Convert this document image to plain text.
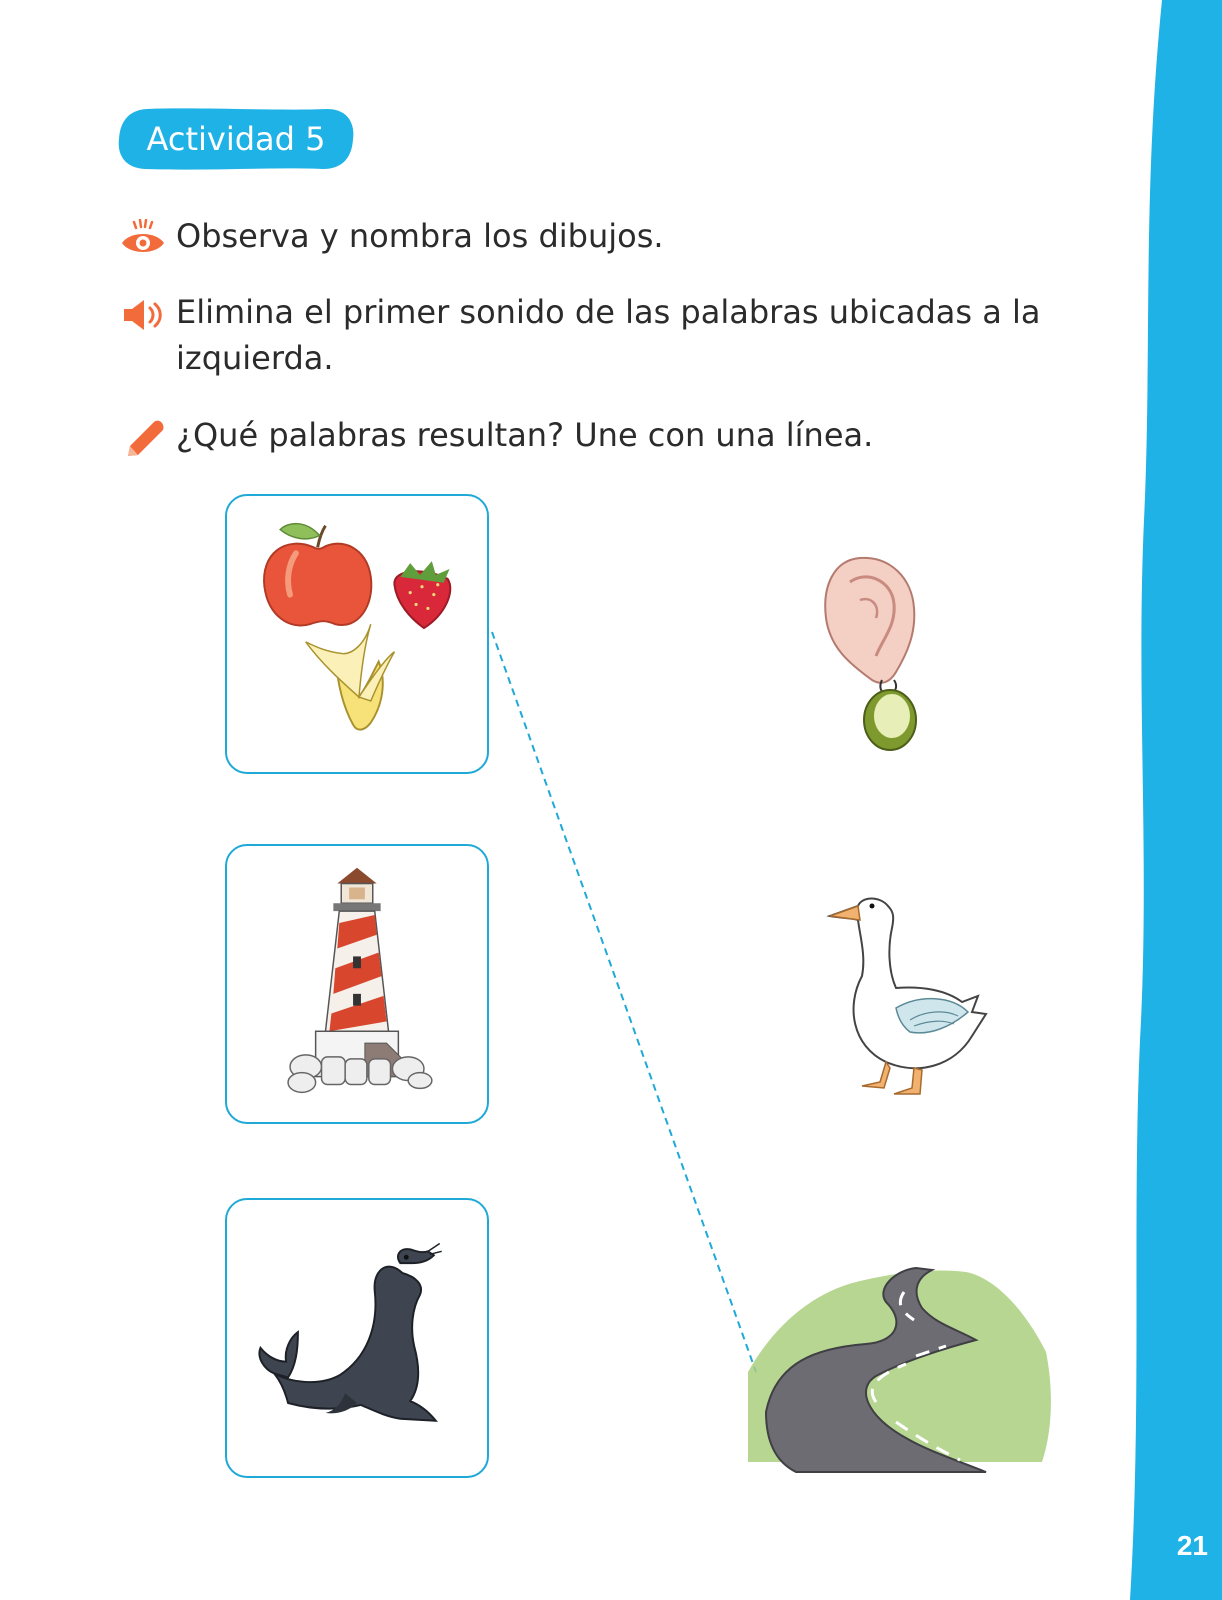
21
Actividad 5
Observa y nombra los dibujos.
Elimina el primer sonido de las palabras ubicadas a la izquierda.
¿Qué palabras resultan? Une con una línea.
